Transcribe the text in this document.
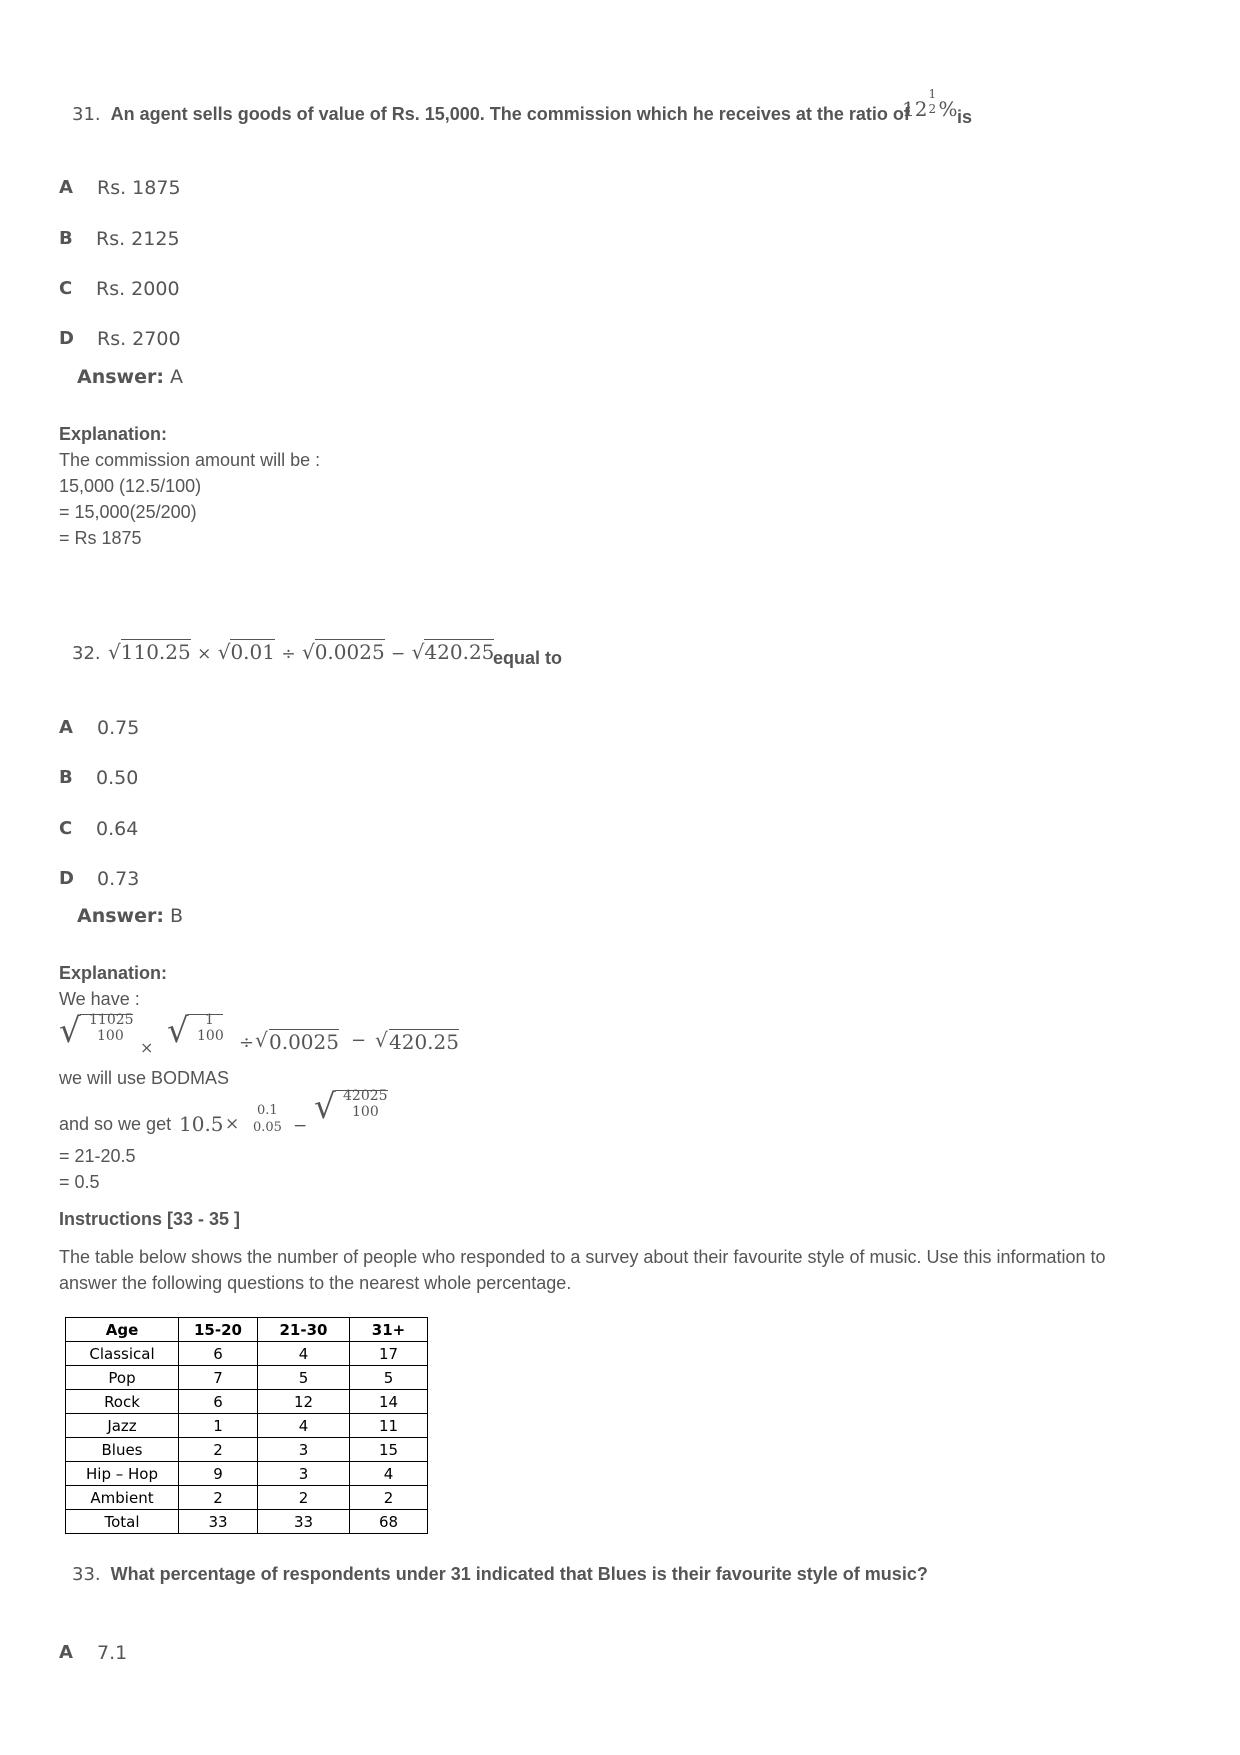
31. An agent sells goods of value of Rs. 15,000. The commission which he receives at the ratio of
12
1
2 % is
A Rs. 1875
B Rs. 2125
C Rs. 2000
D Rs. 2700
Answer: A
Explanation:
The commission amount will be :
15,000 (12.5/100)
= 15,000(25/200)
= Rs 1875
32. √110.25 × √0.01 ÷ √0.0025 − √420.25
equal to
A 0.75
B 0.50
C 0.64
D 0.73
Answer: B
Explanation:
We have :
√ 11025
100
× √ 1
100 ÷ √ 0.0025 − √ 420.25
we will use BODMAS
and so we get 10.5 ×
0.1
0.05 − √ 42025
100
= 21-20.5
= 0.5
Instructions [33 - 35 ]
The table below shows the number of people who responded to a survey about their favourite style of music. Use this information to answer the following questions to the nearest whole percentage.
Age	15-20	21-30	31+
Classical	6	4	17
Pop	7	5	5
Rock	6	12	14
Jazz	1	4	11
Blues	2	3	15
Hip – Hop	9	3	4
Ambient	2	2	2
Total	33	33	68
33. What percentage of respondents under 31 indicated that Blues is their favourite style of music?
A 7.1
